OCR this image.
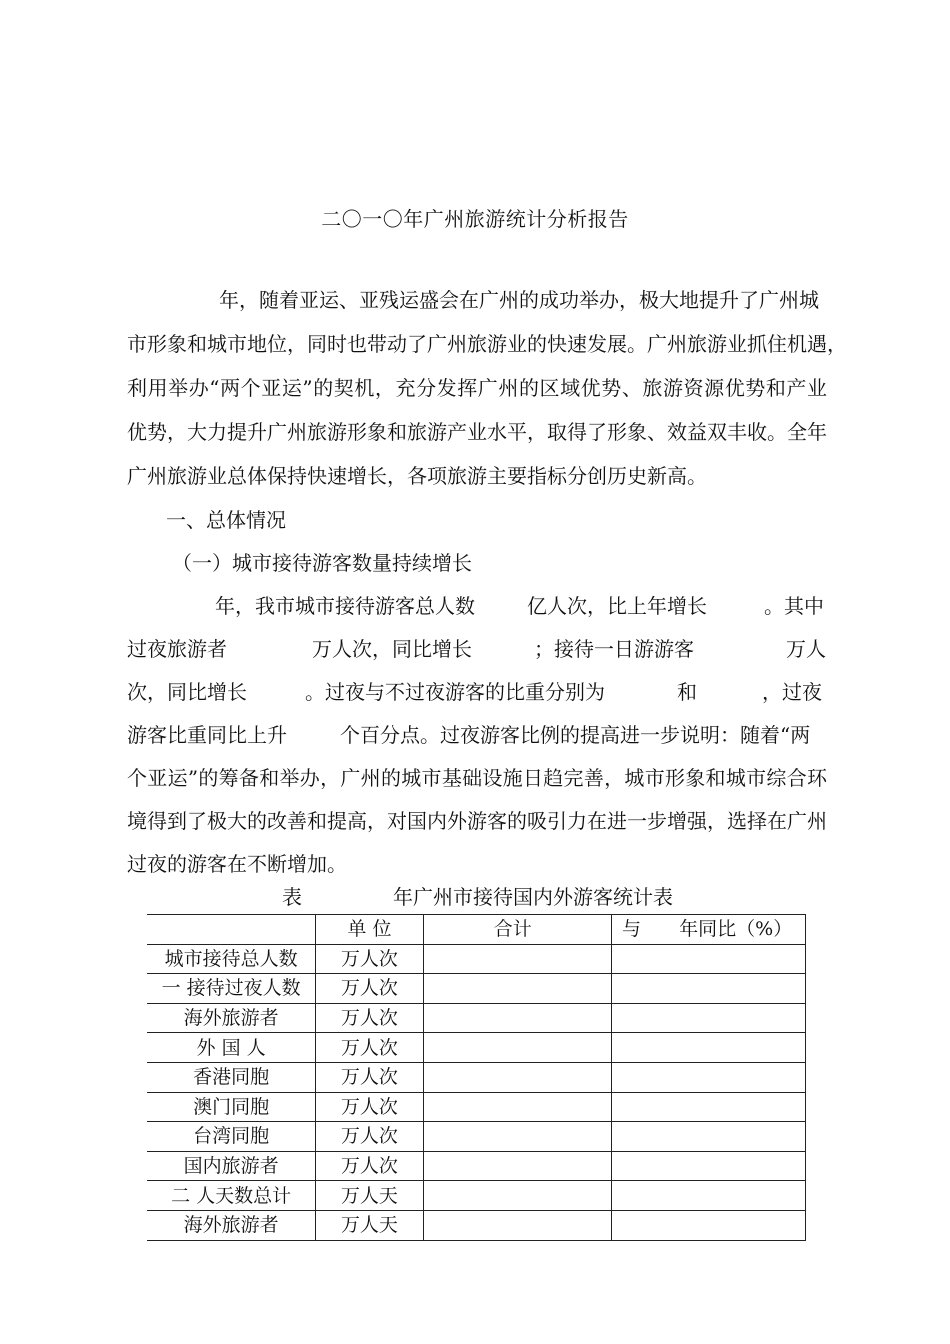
二〇一〇年广州旅游统计分析报告
年，随着亚运、亚残运盛会在广州的成功举办，极大地提升了广州城
市形象和城市地位，同时也带动了广州旅游业的快速发展。广州旅游业抓住机遇，
利用举办“两个亚运”的契机，充分发挥广州的区域优势、旅游资源优势和产业
优势，大力提升广州旅游形象和旅游产业水平，取得了形象、效益双丰收。全年
广州旅游业总体保持快速增长，各项旅游主要指标分创历史新高。
一、总体情况
（一）城市接待游客数量持续增长
年，我市城市接待游客总人数	亿人次，比上年增长	。其中
过夜旅游者	万人次，同比增长	；接待一日游游客	万人
次，同比增长	。过夜与不过夜游客的比重分别为	和	，过夜
游客比重同比上升	个百分点。过夜游客比例的提高进一步说明：随着“两
个亚运”的筹备和举办，广州的城市基础设施日趋完善，城市形象和城市综合环
境得到了极大的改善和提高，对国内外游客的吸引力在进一步增强，选择在广州
过夜的游客在不断增加。
表	年广州市接待国内外游客统计表
	单 位	合计	与 年同比（%）
城市接待总人数	万人次		
一 接待过夜人数	万人次		
海外旅游者	万人次		
外 国 人	万人次		
香港同胞	万人次		
澳门同胞	万人次		
台湾同胞	万人次		
国内旅游者	万人次		
二 人天数总计	万人天		
海外旅游者	万人天		
